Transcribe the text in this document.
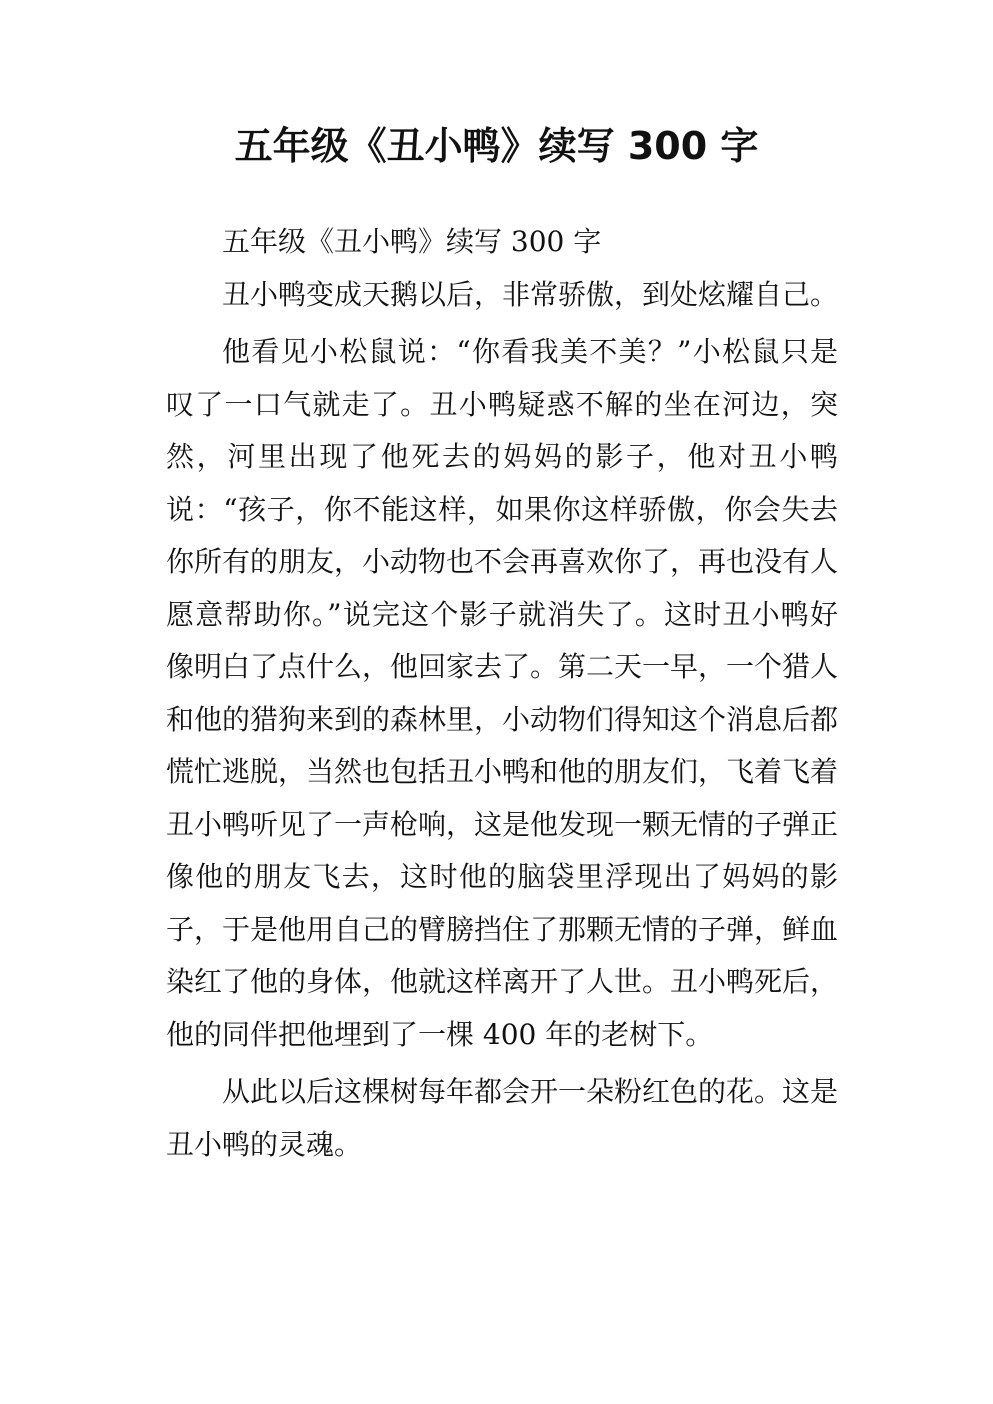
五年级《丑小鸭》续写 300 字

五年级《丑小鸭》续写 300 字

丑小鸭变成天鹅以后，非常骄傲，到处炫耀自己。

他看见小松鼠说：“你看我美不美？”小松鼠只是叹了一口气就走了。丑小鸭疑惑不解的坐在河边，突然，河里出现了他死去的妈妈的影子，他对丑小鸭说：“孩子，你不能这样，如果你这样骄傲，你会失去你所有的朋友，小动物也不会再喜欢你了，再也没有人愿意帮助你。”说完这个影子就消失了。这时丑小鸭好像明白了点什么，他回家去了。第二天一早，一个猎人和他的猎狗来到的森林里，小动物们得知这个消息后都慌忙逃脱，当然也包括丑小鸭和他的朋友们，飞着飞着丑小鸭听见了一声枪响，这是他发现一颗无情的子弹正像他的朋友飞去，这时他的脑袋里浮现出了妈妈的影子，于是他用自己的臂膀挡住了那颗无情的子弹，鲜血染红了他的身体，他就这样离开了人世。丑小鸭死后，他的同伴把他埋到了一棵 400 年的老树下。

从此以后这棵树每年都会开一朵粉红色的花。这是丑小鸭的灵魂。
